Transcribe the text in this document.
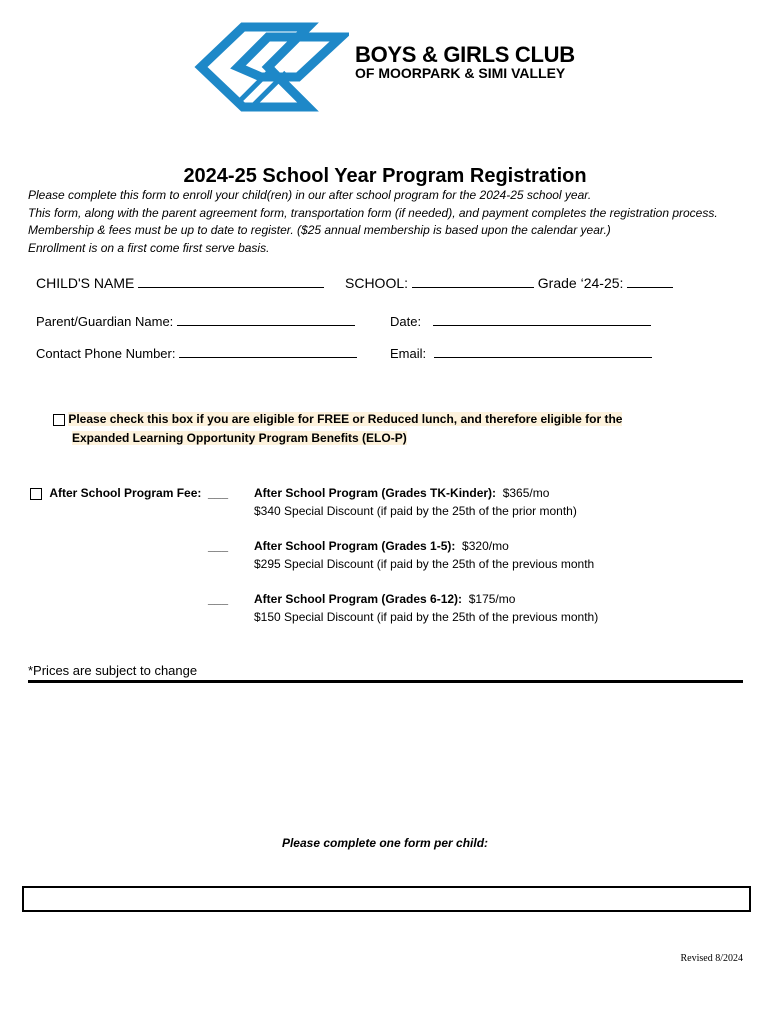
BOYS & GIRLS CLUB
OF MOORPARK & SIMI VALLEY
2024-25 School Year Program Registration

Please complete this form to enroll your child(ren) in our after school program for the 2024-25 school year.

This form, along with the parent agreement form, transportation form (if needed), and payment completes the registration process. Membership & fees must be up to date to register. ($25 annual membership is based upon the calendar year.)

Enrollment is on a first come first serve basis.

CHILD'S NAME	SCHOOL:	Grade ‘24-25:
Parent/Guardian Name:	Date:
Contact Phone Number:	Email:
Please check this box if you are eligible for FREE or Reduced lunch, and therefore eligible for the
Expanded Learning Opportunity Program Benefits (ELO-P)
After School Program Fee: ___ After School Program (Grades TK-Kinder): $365/mo
$340 Special Discount (if paid by the 25th of the prior month)
___ After School Program (Grades 1-5): $320/mo
$295 Special Discount (if paid by the 25th of the previous month
___ After School Program (Grades 6-12): $175/mo
$150 Special Discount (if paid by the 25th of the previous month)
*Prices are subject to change
Please complete one form per child:
Revised 8/2024
